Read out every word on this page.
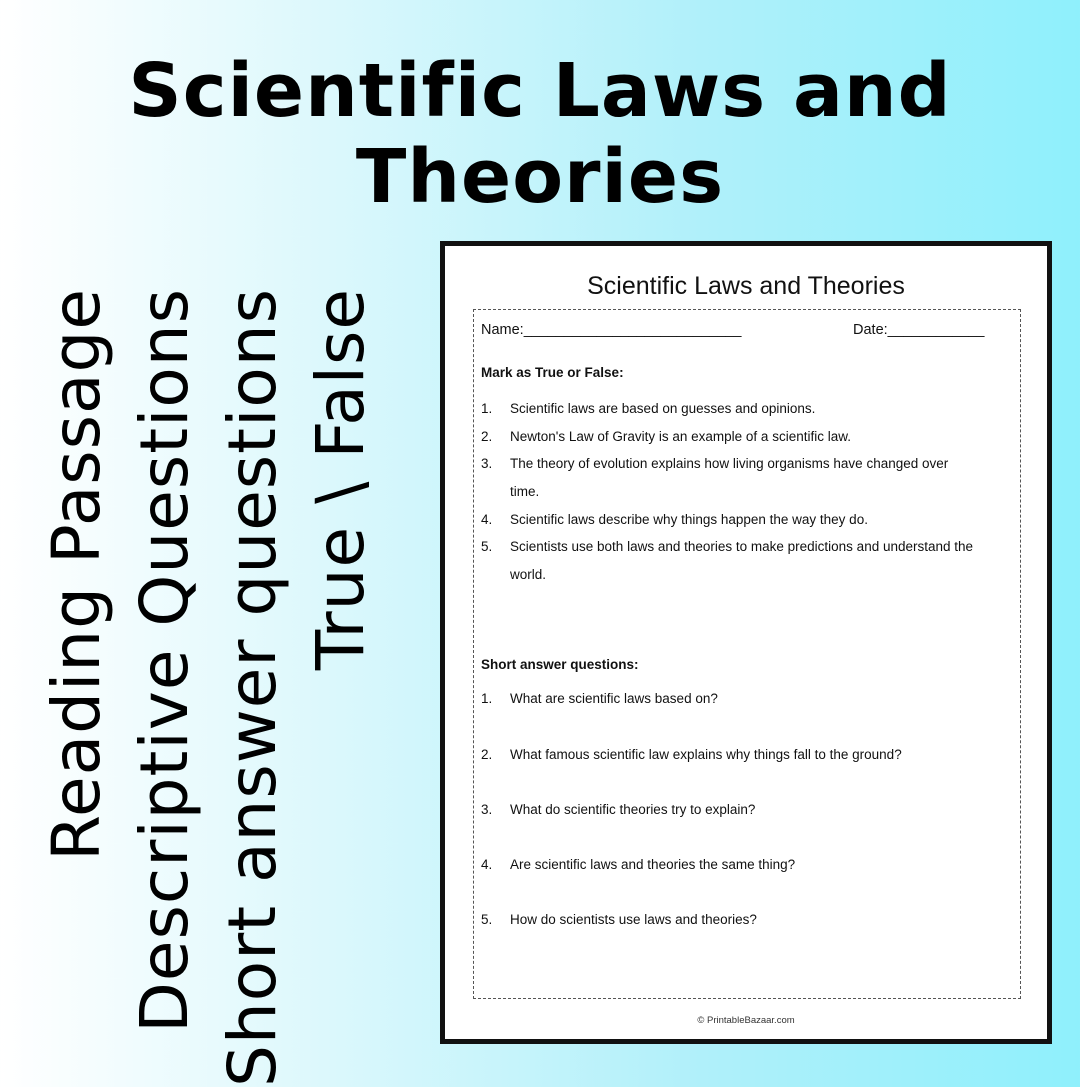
Scientific Laws and Theories
Reading Passage Descriptive Questions Short answer questions True \ False
Scientific Laws and Theories
Name:___________________________	Date:____________
Mark as True or False:
1.	Scientific laws are based on guesses and opinions.
2.	Newton's Law of Gravity is an example of a scientific law.
3.	The theory of evolution explains how living organisms have changed over time.
4.	Scientific laws describe why things happen the way they do.
5.	Scientists use both laws and theories to make predictions and understand the world.
Short answer questions:
1.	What are scientific laws based on?
2.	What famous scientific law explains why things fall to the ground?
3.	What do scientific theories try to explain?
4.	Are scientific laws and theories the same thing?
5.	How do scientists use laws and theories?
© PrintableBazaar.com
